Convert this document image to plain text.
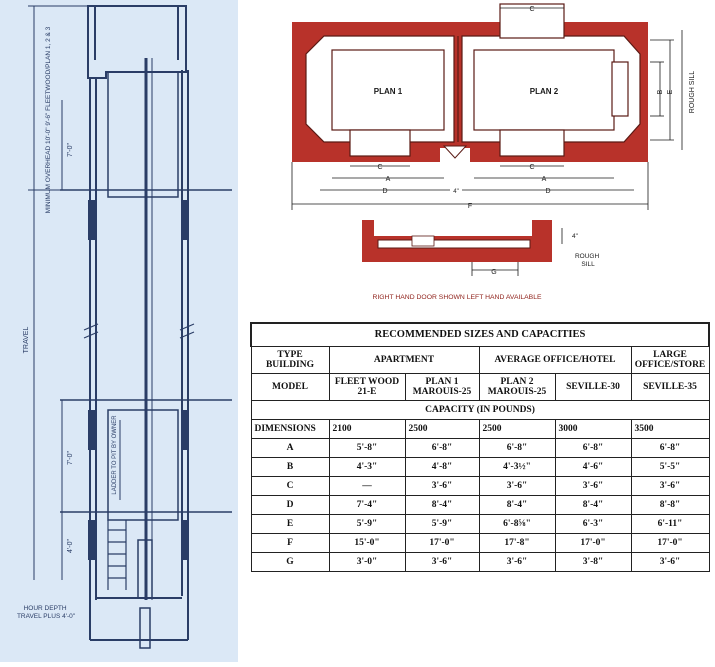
MINIMUM OVERHEAD 10'-0" 9'-6" FLEETWOOD/PLAN 1, 2 & 3 7'-0"
TRAVEL
7'-0"	LADDER TO PIT BY OWNER
4'-0"
HOUR DEPTH TRAVEL PLUS 4'-0"
PLAN 1	PLAN 2
C
C	C
A	A
D	D
4"
F
B E ROUGH SILL
G
4"
ROUGH SILL
RIGHT HAND DOOR SHOWN LEFT HAND AVAILABLE
RECOMMENDED SIZES AND CAPACITIES					
TYPE BUILDING	APARTMENT		AVERAGE OFFICE/HOTEL		LARGE OFFICE/STORE
MODEL	FLEET WOOD 21-E	PLAN 1 MAROUIS-25	PLAN 2 MAROUIS-25	SEVILLE-30	SEVILLE-35
CAPACITY (IN POUNDS)					
DIMENSIONS	2100	2500	2500	3000	3500
A	5'-8"	6'-8"	6'-8"	6'-8"	6'-8"
B	4'-3"	4'-8"	4'-3½"	4'-6"	5'-5"
C	—	3'-6"	3'-6"	3'-6"	3'-6"
D	7'-4"	8'-4"	8'-4"	8'-4"	8'-8"
E	5'-9"	5'-9"	6'-8⅝"	6'-3"	6'-11"
F	15'-0"	17'-0"	17'-8"	17'-0"	17'-0"
G	3'-0"	3'-6"	3'-6"	3'-8"	3'-6"
